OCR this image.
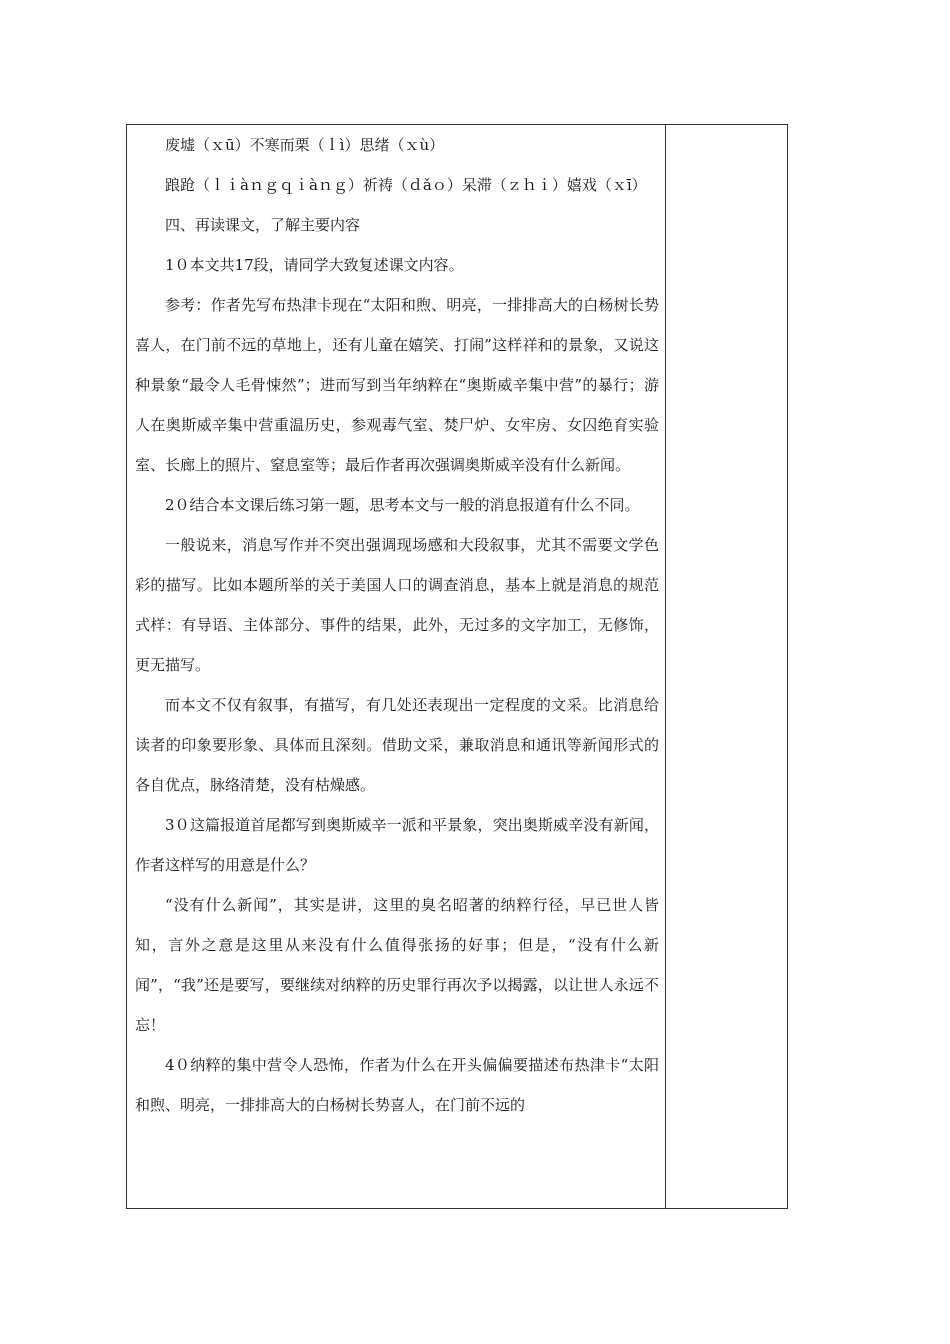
废墟（ｘū）不寒而栗（ｌì）思绪（ｘù）

踉跄（ｌｉàｎｇｑｉàｎｇ）祈祷（ｄǎｏ）呆滞（ｚｈｉ）嬉戏（ｘī）

四、再读课文，了解主要内容

1０本文共17段，请同学大致复述课文内容。

参考：作者先写布热津卡现在“太阳和煦、明亮，一排排高大的白杨树长势喜人，在门前不远的草地上，还有儿童在嬉笑、打闹”这样祥和的景象，又说这种景象“最令人毛骨悚然”；进而写到当年纳粹在“奥斯威辛集中营”的暴行；游人在奥斯威辛集中营重温历史，参观毒气室、焚尸炉、女牢房、女囚绝育实验室、长廊上的照片、窒息室等；最后作者再次强调奥斯威辛没有什么新闻。

2０结合本文课后练习第一题，思考本文与一般的消息报道有什么不同。

一般说来，消息写作并不突出强调现场感和大段叙事，尤其不需要文学色彩的描写。比如本题所举的关于美国人口的调查消息，基本上就是消息的规范式样：有导语、主体部分、事件的结果，此外，无过多的文字加工，无修饰，更无描写。

而本文不仅有叙事，有描写，有几处还表现出一定程度的文采。比消息给读者的印象要形象、具体而且深刻。借助文采，兼取消息和通讯等新闻形式的各自优点，脉络清楚，没有枯燥感。

3０这篇报道首尾都写到奥斯威辛一派和平景象，突出奥斯威辛没有新闻，作者这样写的用意是什么？

“没有什么新闻”，其实是讲，这里的臭名昭著的纳粹行径，早已世人皆知，言外之意是这里从来没有什么值得张扬的好事；但是，“没有什么新闻”，“我”还是要写，要继续对纳粹的历史罪行再次予以揭露，以让世人永远不忘！

4０纳粹的集中营令人恐怖，作者为什么在开头偏偏要描述布热津卡“太阳和煦、明亮，一排排高大的白杨树长势喜人，在门前不远的
